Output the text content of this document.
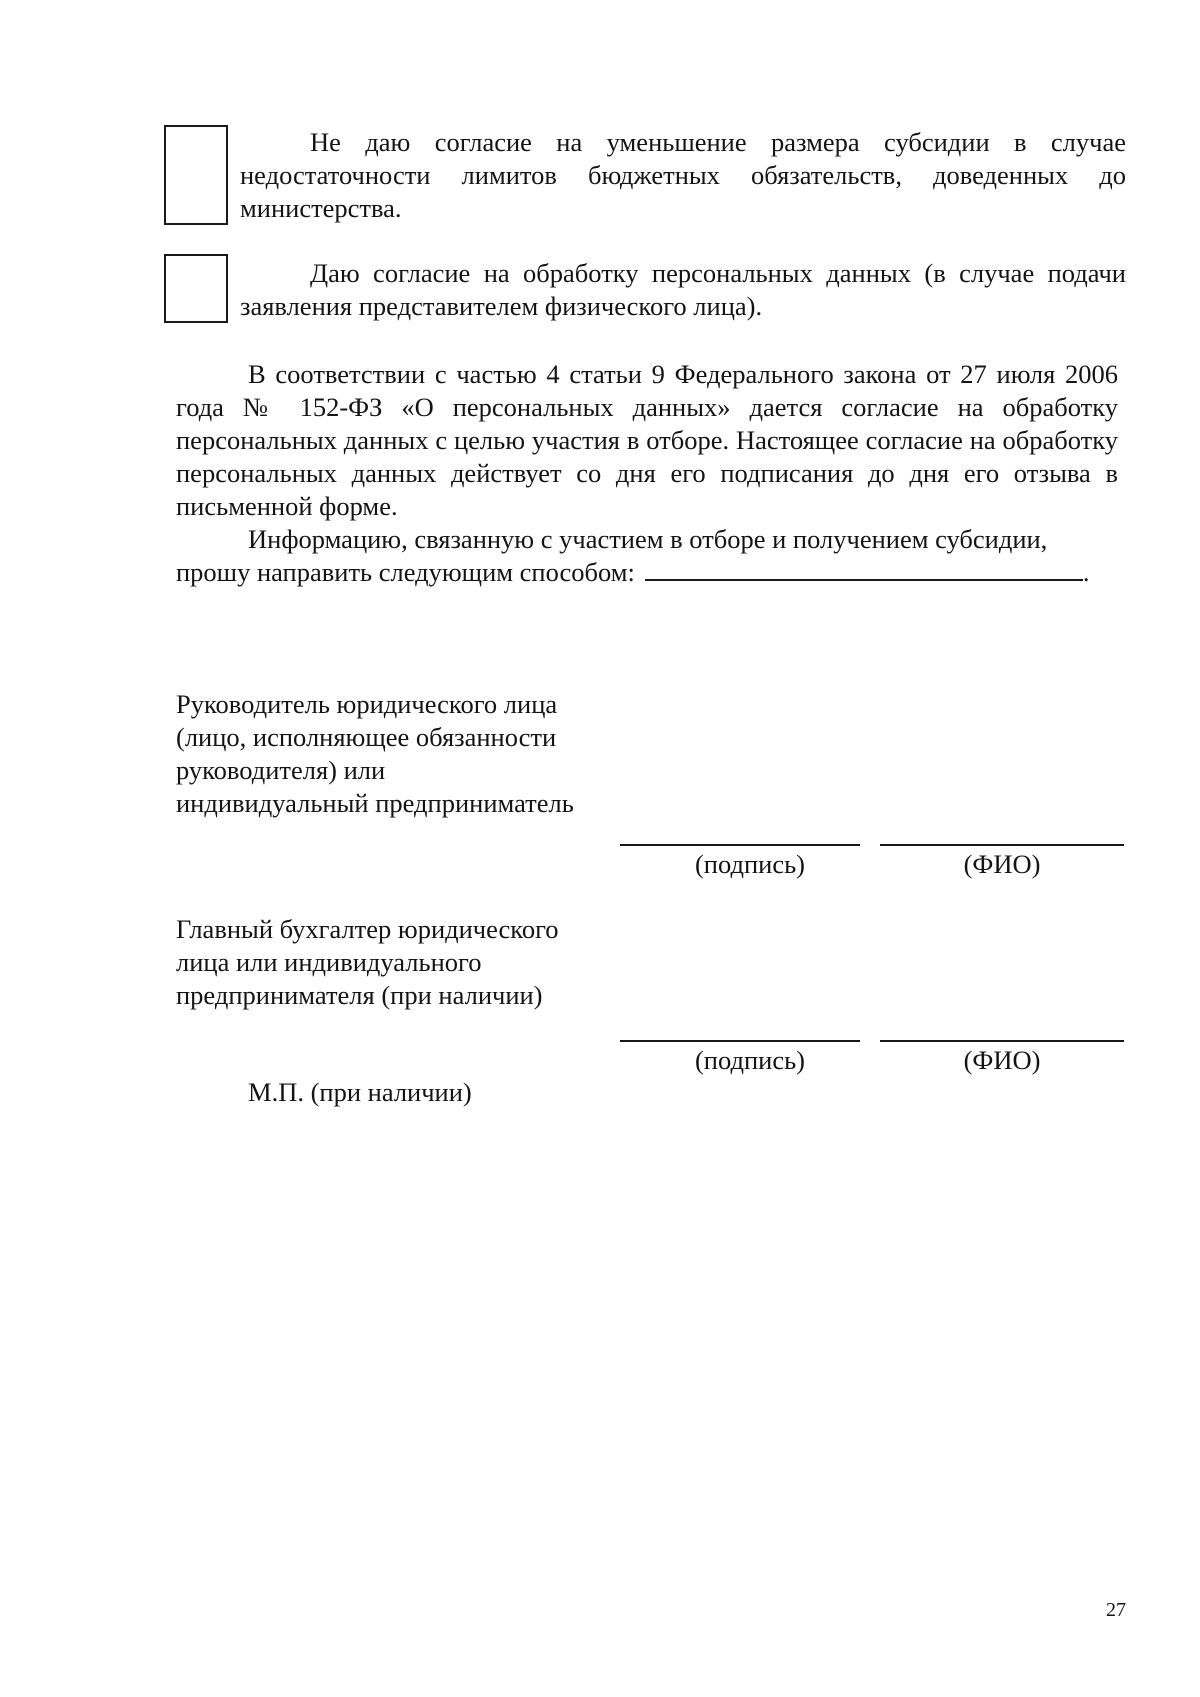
Не даю согласие на уменьшение размера субсидии в случае недостаточности лимитов бюджетных обязательств, доведенных до министерства.

Даю согласие на обработку персональных данных (в случае подачи заявления представителем физического лица).

В соответствии с частью 4 статьи 9 Федерального закона от 27 июля 2006 года № 152-ФЗ «О персональных данных» дается согласие на обработку персональных данных с целью участия в отборе. Настоящее согласие на обработку персональных данных действует со дня его подписания до дня его отзыва в письменной форме.

Информацию, связанную с участием в отборе и получением субсидии,

прошу направить следующим способом:	.

Руководитель юридического лица
(лицо, исполняющее обязанности
руководителя) или
индивидуальный предприниматель

(подпись)	(ФИО)

Главный бухгалтер юридического
лица или индивидуального
предпринимателя (при наличии)

(подпись)	(ФИО)
М.П. (при наличии)
27
